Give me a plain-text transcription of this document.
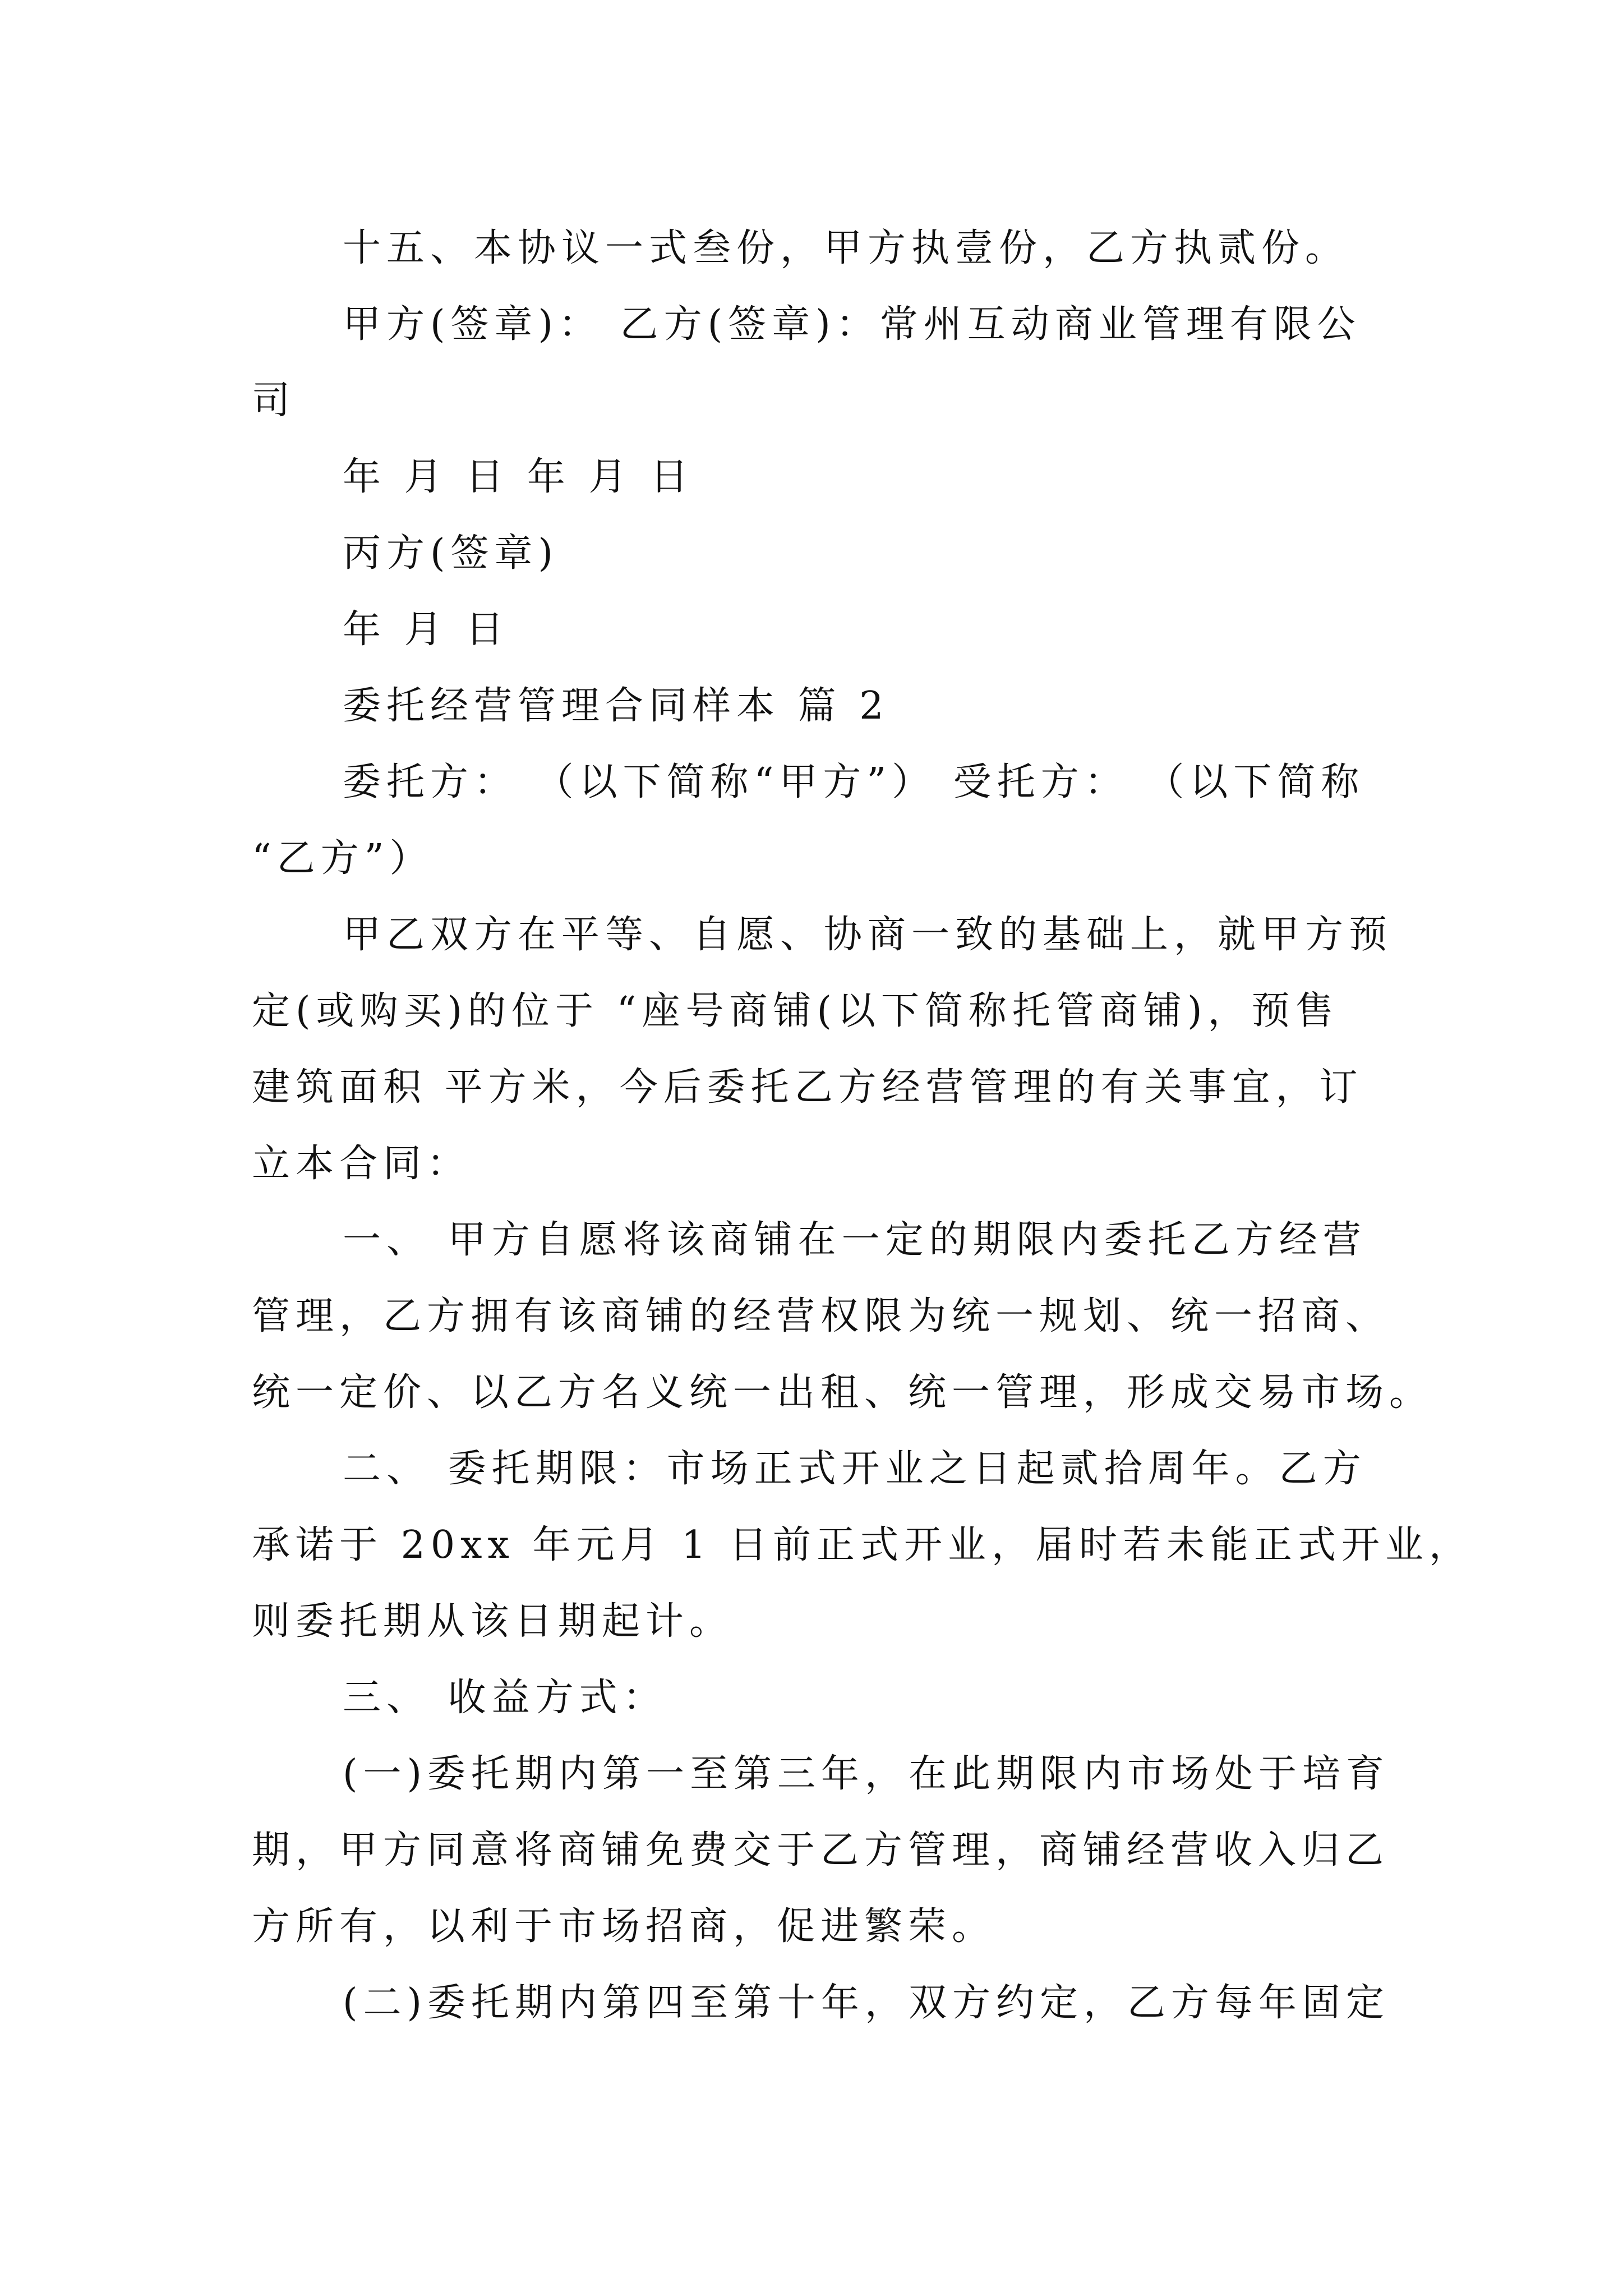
十五、本协议一式叁份，甲方执壹份，乙方执贰份。
甲方(签章)： 乙方(签章)：常州互动商业管理有限公
司
年 月 日 年 月 日
丙方(签章)
年 月 日
委托经营管理合同样本 篇 2
委托方： （以下简称“甲方”） 受托方： （以下简称
“乙方”）
甲乙双方在平等、自愿、协商一致的基础上，就甲方预
定(或购买)的位于 “座号商铺(以下简称托管商铺)，预售
建筑面积 平方米，今后委托乙方经营管理的有关事宜，订
立本合同：
一、 甲方自愿将该商铺在一定的期限内委托乙方经营
管理，乙方拥有该商铺的经营权限为统一规划、统一招商、
统一定价、以乙方名义统一出租、统一管理，形成交易市场。
二、 委托期限：市场正式开业之日起贰拾周年。乙方
承诺于 20xx 年元月 1 日前正式开业，届时若未能正式开业，
则委托期从该日期起计。
三、 收益方式：
(一)委托期内第一至第三年，在此期限内市场处于培育
期，甲方同意将商铺免费交于乙方管理，商铺经营收入归乙
方所有，以利于市场招商，促进繁荣。
(二)委托期内第四至第十年，双方约定，乙方每年固定
